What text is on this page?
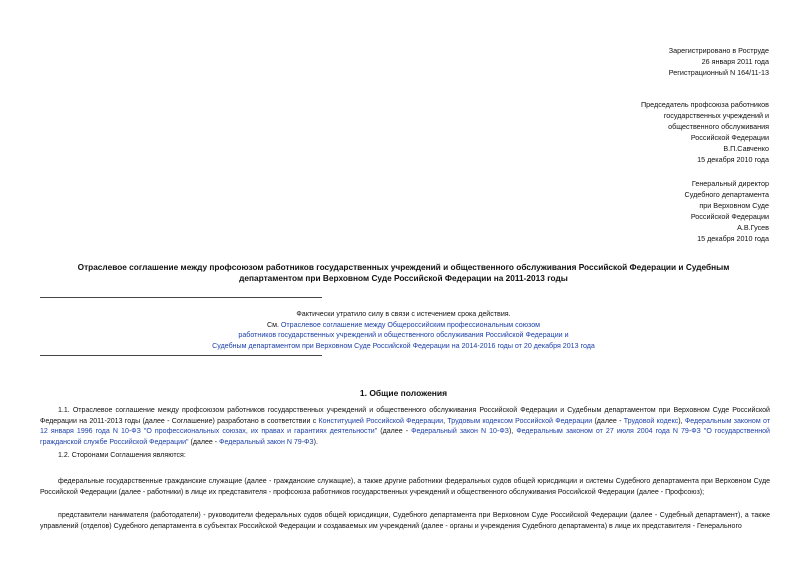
Зарегистрировано в Роструде
26 января 2011 года
Регистрационный N 164/11-13
Председатель профсоюза работников
государственных учреждений и
общественного обслуживания
Российской Федерации
В.П.Савченко
15 декабря 2010 года
Генеральный директор
Судебного департамента
при Верховном Суде
Российской Федерации
А.В.Гусев
15 декабря 2010 года
Отраслевое соглашение между профсоюзом работников государственных учреждений и общественного обслуживания Российской Федерации и Судебным
департаментом при Верховном Суде Российской Федерации на 2011-2013 годы
Фактически утратило силу в связи с истечением срока действия.
См. Отраслевое соглашение между Общероссийским профессиональным союзом
работников государственных учреждений и общественного обслуживания Российской Федерации и
Судебным департаментом при Верховном Суде Российской Федерации на 2014-2016 годы от 20 декабря 2013 года
1. Общие положения
1.1. Отраслевое соглашение между профсоюзом работников государственных учреждений и общественного обслуживания Российской Федерации и Судебным департаментом при Верховном Суде Российской Федерации на 2011-2013 годы (далее - Соглашение) разработано в соответствии с Конституцией Российской Федерации, Трудовым кодексом Российской Федерации (далее - Трудовой кодекс), Федеральным законом от 12 января 1996 года N 10-ФЗ "О профессиональных союзах, их правах и гарантиях деятельности" (далее - Федеральный закон N 10-ФЗ), Федеральным законом от 27 июля 2004 года N 79-ФЗ "О государственной гражданской службе Российской Федерации" (далее - Федеральный закон N 79-ФЗ).
1.2. Сторонами Соглашения являются:
федеральные государственные гражданские служащие (далее - гражданские служащие), а также другие работники федеральных судов общей юрисдикции и системы Судебного департамента при Верховном Суде Российской Федерации (далее - работники) в лице их представителя - профсоюза работников государственных учреждений и общественного обслуживания Российской Федерации (далее - Профсоюз);
представители нанимателя (работодатели) - руководители федеральных судов общей юрисдикции, Судебного департамента при Верховном Суде Российской Федерации (далее - Судебный департамент), а также управлений (отделов) Судебного департамента в субъектах Российской Федерации и создаваемых им учреждений (далее - органы и учреждения Судебного департамента) в лице их представителя - Генерального
